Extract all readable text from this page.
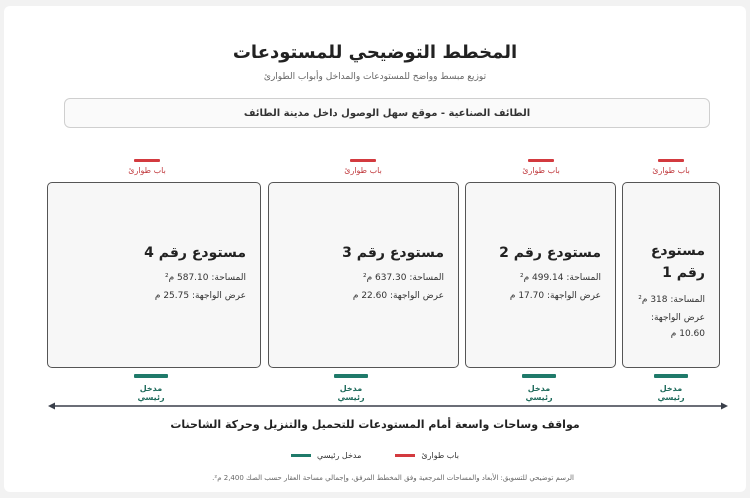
المخطط التوضيحي للمستودعات
توزيع مبسط وواضح للمستودعات والمداخل وأبواب الطوارئ
الطائف الصناعية - موقع سهل الوصول داخل مدينة الطائف
باب طوارئ	باب طوارئ	باب طوارئ	باب طوارئ
مستودع رقم 4
المساحة: 587.10 م²
عرض الواجهة: 25.75 م
مستودع رقم 3
المساحة: 637.30 م²
عرض الواجهة: 22.60 م
مستودع رقم 2
المساحة: 499.14 م²
عرض الواجهة: 17.70 م
مستودع رقم 1
المساحة: 318 م²
عرض الواجهة: 10.60 م
مدخل رئيسي
مدخل رئيسي
مدخل رئيسي
مدخل رئيسي
مواقف وساحات واسعة أمام المستودعات للتحميل والتنزيل وحركة الشاحنات
باب طوارئ
مدخل رئيسي
الرسم توضيحي للتسويق: الأبعاد والمساحات المرجعية وفق المخطط المرفق، وإجمالي مساحة العقار حسب الصك 2,400 م².
